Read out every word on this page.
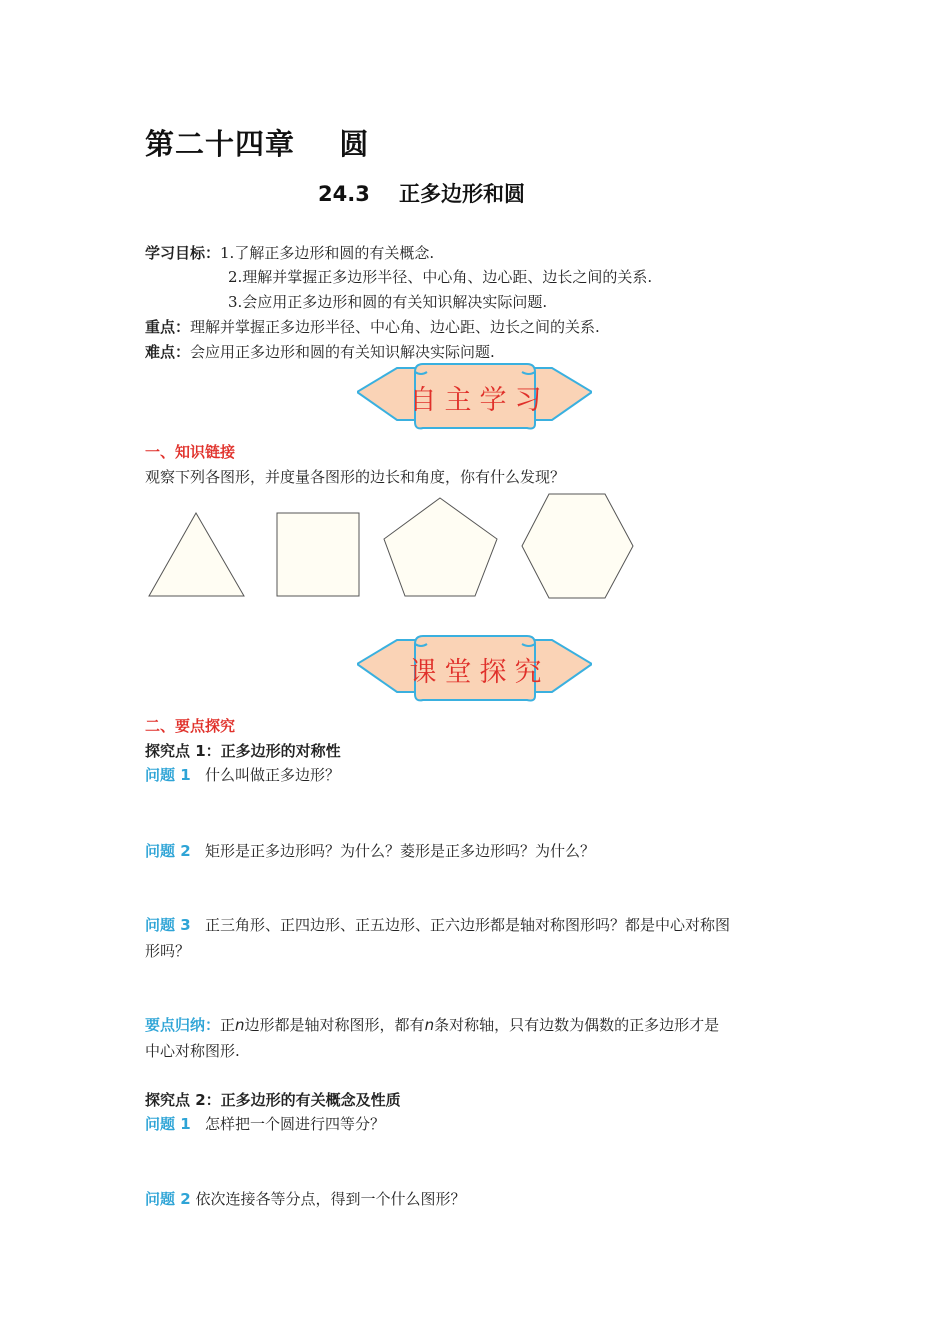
第二十四章    圆
24.3    正多边形和圆
学习目标：1.了解正多边形和圆的有关概念.
2.理解并掌握正多边形半径、中心角、边心距、边长之间的关系.
3.会应用正多边形和圆的有关知识解决实际问题.
重点：理解并掌握正多边形半径、中心角、边心距、边长之间的关系.
难点：会应用正多边形和圆的有关知识解决实际问题.
自主学习
一、知识链接
观察下列各图形，并度量各图形的边长和角度，你有什么发现？
课堂探究
二、要点探究
探究点 1：正多边形的对称性
问题 1 什么叫做正多边形？
问题 2 矩形是正多边形吗？为什么？菱形是正多边形吗？为什么？
问题 3 正三角形、正四边形、正五边形、正六边形都是轴对称图形吗？都是中心对称图
形吗？
要点归纳：正n边形都是轴对称图形，都有n条对称轴，只有边数为偶数的正多边形才是
中心对称图形.
探究点 2：正多边形的有关概念及性质
问题 1 怎样把一个圆进行四等分？
问题 2 依次连接各等分点，得到一个什么图形？
